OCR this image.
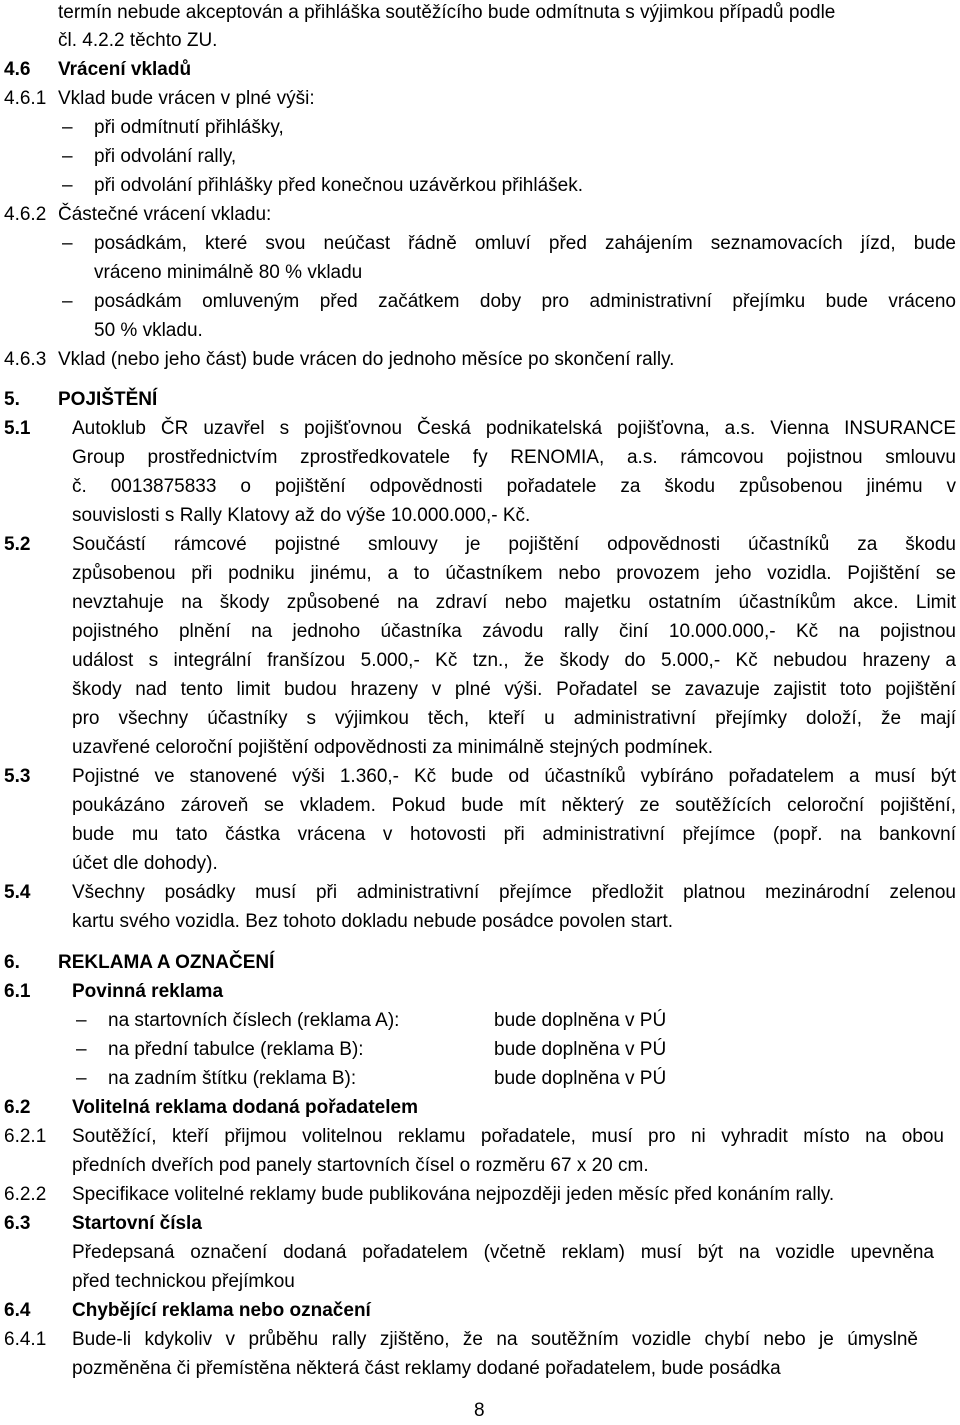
termín nebude akceptován a přihláška soutěžícího bude odmítnuta s výjimkou případů podle
čl. 4.2.2 těchto ZU.
4.6 Vrácení vkladů
4.6.1 Vklad bude vrácen v plné výši:
– při odmítnutí přihlášky,
– při odvolání rally,
– při odvolání přihlášky před konečnou uzávěrkou přihlášek.
4.6.2 Částečné vrácení vkladu:
– posádkám, které svou neúčast řádně omluví před zahájením seznamovacích jízd, bude
vráceno minimálně 80 % vkladu
– posádkám omluveným před začátkem doby pro administrativní přejímku bude vráceno
50 % vkladu.
4.6.3 Vklad (nebo jeho část) bude vrácen do jednoho měsíce po skončení rally.
5. POJIŠTĚNÍ
5.1 Autoklub ČR uzavřel s pojišťovnou Česká podnikatelská pojišťovna, a.s. Vienna INSURANCE
Group prostřednictvím zprostředkovatele fy RENOMIA, a.s. rámcovou pojistnou smlouvu
č. 0013875833 o pojištění odpovědnosti pořadatele za škodu způsobenou jinému v
souvislosti s Rally Klatovy až do výše 10.000.000,- Kč.
5.2 Součástí rámcové pojistné smlouvy je pojištění odpovědnosti účastníků za škodu
způsobenou při podniku jinému, a to účastníkem nebo provozem jeho vozidla. Pojištění se
nevztahuje na škody způsobené na zdraví nebo majetku ostatním účastníkům akce. Limit
pojistného plnění na jednoho účastníka závodu rally činí 10.000.000,- Kč na pojistnou
událost s integrální franšízou 5.000,- Kč tzn., že škody do 5.000,- Kč nebudou hrazeny a
škody nad tento limit budou hrazeny v plné výši. Pořadatel se zavazuje zajistit toto pojištění
pro všechny účastníky s výjimkou těch, kteří u administrativní přejímky doloží, že mají
uzavřené celoroční pojištění odpovědnosti za minimálně stejných podmínek.
5.3 Pojistné ve stanovené výši 1.360,- Kč bude od účastníků vybíráno pořadatelem a musí být
poukázáno zároveň se vkladem. Pokud bude mít některý ze soutěžících celoroční pojištění,
bude mu tato částka vrácena v hotovosti při administrativní přejímce (popř. na bankovní
účet dle dohody).
5.4 Všechny posádky musí při administrativní přejímce předložit platnou mezinárodní zelenou
kartu svého vozidla. Bez tohoto dokladu nebude posádce povolen start.
6. REKLAMA A OZNAČENÍ
6.1 Povinná reklama
– na startovních číslech (reklama A):	bude doplněna v PÚ
– na přední tabulce (reklama B):	bude doplněna v PÚ
– na zadním štítku (reklama B):	bude doplněna v PÚ
6.2 Volitelná reklama dodaná pořadatelem
6.2.1 Soutěžící, kteří přijmou volitelnou reklamu pořadatele, musí pro ni vyhradit místo na obou
předních dveřích pod panely startovních čísel o rozměru 67 x 20 cm.
6.2.2 Specifikace volitelné reklamy bude publikována nejpozději jeden měsíc před konáním rally.
6.3 Startovní čísla
Předepsaná označení dodaná pořadatelem (včetně reklam) musí být na vozidle upevněna
před technickou přejímkou
6.4 Chybějící reklama nebo označení
6.4.1 Bude-li kdykoliv v průběhu rally zjištěno, že na soutěžním vozidle chybí nebo je úmyslně
pozměněna či přemístěna některá část reklamy dodané pořadatelem, bude posádka
8
